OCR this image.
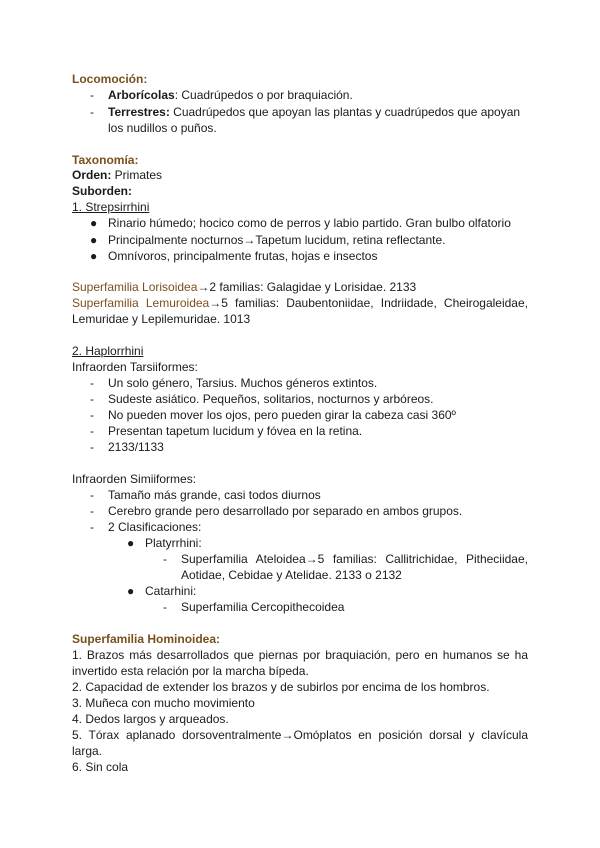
Locomoción:
- Arborícolas: Cuadrúpedos o por braquiación.
- Terrestres: Cuadrúpedos que apoyan las plantas y cuadrúpedos que apoyan
los nudillos o puños.
Taxonomía:
Orden: Primates
Suborden:
1. Strepsirrhini
● Rinario húmedo; hocico como de perros y labio partido. Gran bulbo olfatorio
● Principalmente nocturnos→Tapetum lucidum, retina reflectante.
● Omnívoros, principalmente frutas, hojas e insectos
Superfamilia Lorisoidea→2 familias: Galagidae y Lorisidae. 2133
Superfamilia Lemuroidea→5 familias: Daubentoniidae, Indriidade, Cheirogaleidae,
Lemuridae y Lepilemuridae. 1013
2. Haplorrhini
Infraorden Tarsiiformes:
- Un solo género, Tarsius. Muchos géneros extintos.
- Sudeste asiático. Pequeños, solitarios, nocturnos y arbóreos.
- No pueden mover los ojos, pero pueden girar la cabeza casi 360º
- Presentan tapetum lucidum y fóvea en la retina.
- 2133/1133
Infraorden Simiiformes:
- Tamaño más grande, casi todos diurnos
- Cerebro grande pero desarrollado por separado en ambos grupos.
- 2 Clasificaciones:
● Platyrrhini:
- Superfamilia Ateloidea→5 familias: Callitrichidae, Pitheciidae,
Aotidae, Cebidae y Atelidae. 2133 o 2132
● Catarhini:
- Superfamilia Cercopithecoidea
Superfamilia Hominoidea:
1. Brazos más desarrollados que piernas por braquiación, pero en humanos se ha
invertido esta relación por la marcha bípeda.
2. Capacidad de extender los brazos y de subirlos por encima de los hombros.
3. Muñeca con mucho movimiento
4. Dedos largos y arqueados.
5. Tórax aplanado dorsoventralmente→Omóplatos en posición dorsal y clavícula
larga.
6. Sin cola
